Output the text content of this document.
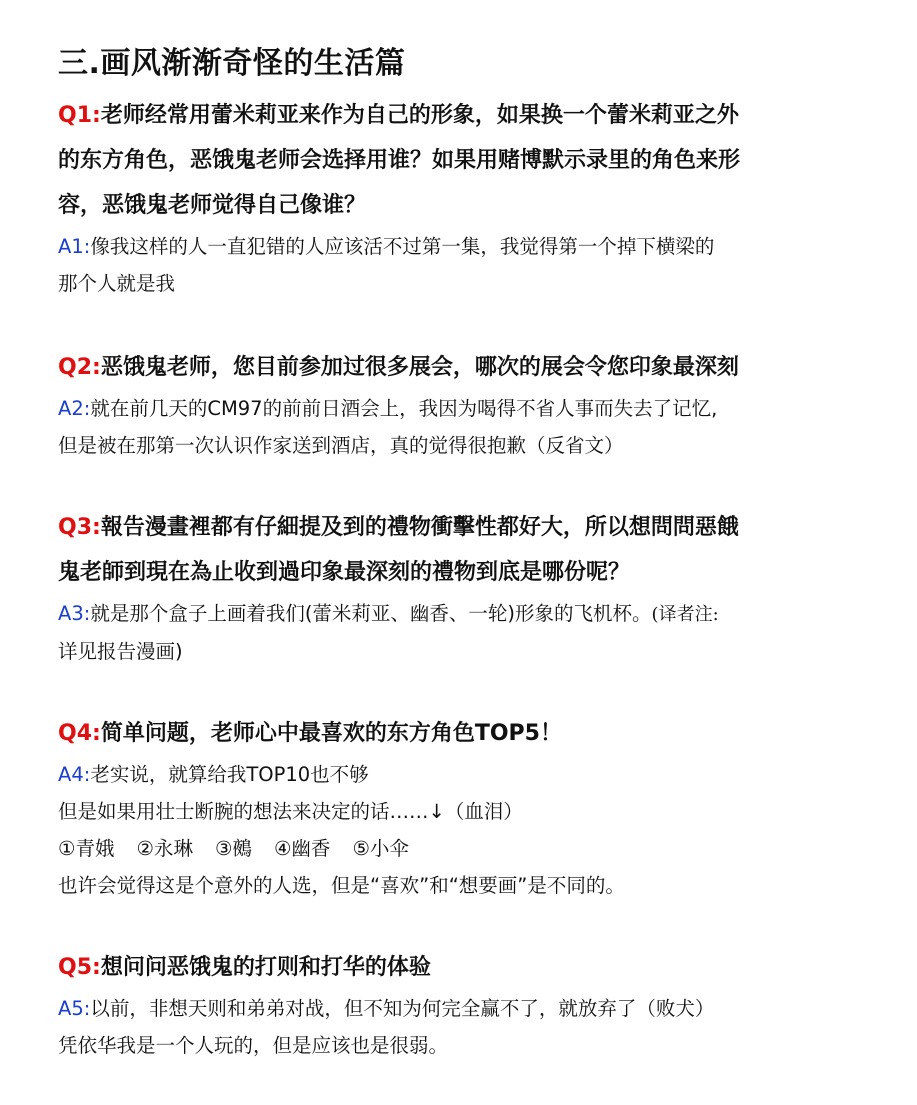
三.画风渐渐奇怪的生活篇
Q1:老师经常用蕾米莉亚来作为自己的形象，如果换一个蕾米莉亚之外
的东方角色，恶饿鬼老师会选择用谁？如果用赌博默示录里的角色来形
容，恶饿鬼老师觉得自己像谁？
A1:像我这样的人一直犯错的人应该活不过第一集，我觉得第一个掉下横梁的
那个人就是我
Q2:恶饿鬼老师，您目前参加过很多展会，哪次的展会令您印象最深刻
A2:就在前几天的CM97的前前日酒会上，我因为喝得不省人事而失去了记忆,
但是被在那第一次认识作家送到酒店，真的觉得很抱歉（反省文）
Q3:報告漫畫裡都有仔細提及到的禮物衝擊性都好大，所以想問問惡餓
鬼老師到現在為止收到過印象最深刻的禮物到底是哪份呢？
A3:就是那个盒子上画着我们(蕾米莉亚、幽香、一轮)形象的飞机杯。(译者注:
详见报告漫画)
Q4:简单问题，老师心中最喜欢的东方角色TOP5！
A4:老实说，就算给我TOP10也不够
但是如果用壮士断腕的想法来决定的话……↓（血泪）
①青娥 ②永琳 ③鵺 ④幽香 ⑤小伞
也许会觉得这是个意外的人选，但是“喜欢”和“想要画”是不同的。
Q5:想问问恶饿鬼的打则和打华的体验
A5:以前，非想天则和弟弟对战，但不知为何完全赢不了，就放弃了（败犬）
凭依华我是一个人玩的，但是应该也是很弱。
